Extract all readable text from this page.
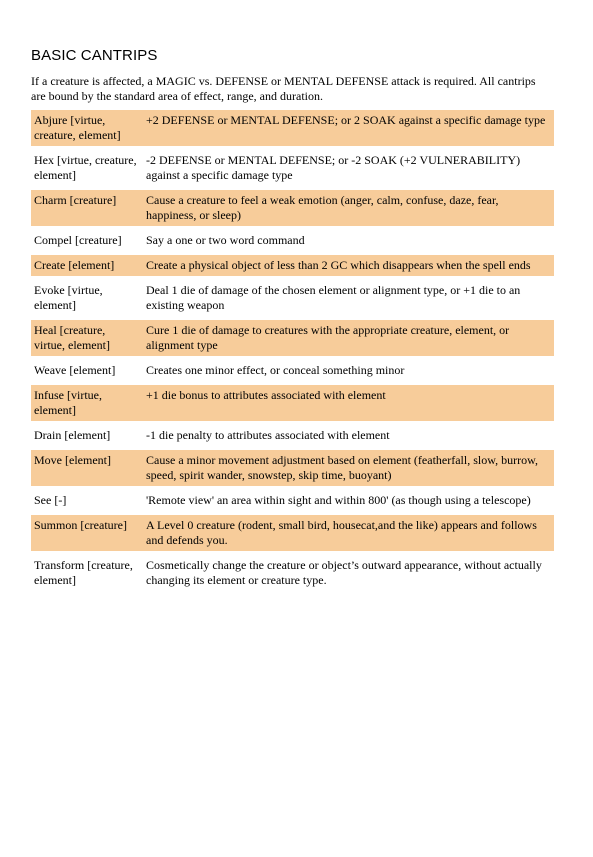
BASIC CANTRIPS
If a creature is affected, a MAGIC vs. DEFENSE or MENTAL DEFENSE attack is required. All cantrips are bound by the standard area of effect, range, and duration.
Abjure [virtue, creature, element]	+2 DEFENSE or MENTAL DEFENSE; or 2 SOAK against a specific damage type
Hex [virtue, creature, element]	-2 DEFENSE or MENTAL DEFENSE; or -2 SOAK (+2 VULNERABILITY) against a specific damage type
Charm [creature]	Cause a creature to feel a weak emotion (anger, calm, confuse, daze, fear, happiness, or sleep)
Compel [creature]	Say a one or two word command
Create [element]	Create a physical object of less than 2 GC which disappears when the spell ends
Evoke [virtue, element]	Deal 1 die of damage of the chosen element or alignment type, or +1 die to an existing weapon
Heal [creature, virtue, element]	Cure 1 die of damage to creatures with the appropriate creature, element, or alignment type
Weave [element]	Creates one minor effect, or conceal something minor
Infuse [virtue, element]	+1 die bonus to attributes associated with element
Drain [element]	-1 die penalty to attributes associated with element
Move [element]	Cause a minor movement adjustment based on element (featherfall, slow, burrow, speed, spirit wander, snowstep, skip time, buoyant)
See [-]	'Remote view' an area within sight and within 800' (as though using a telescope)
Summon [creature]	A Level 0 creature (rodent, small bird, housecat,and the like) appears and follows and defends you.
Transform [creature, element]	Cosmetically change the creature or object’s outward appearance, without actually changing its element or creature type.
